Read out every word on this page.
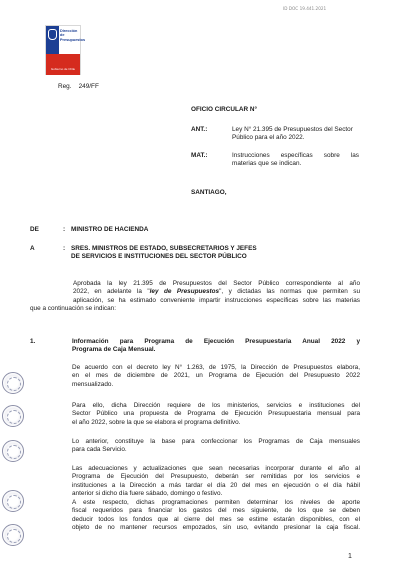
ID DOC 19.441.2021
Dirección de Presupuestos
Gobierno de Chile
Reg. 249/FF
OFICIO CIRCULAR N°
ANT.:	Ley N° 21.395 de Presupuestos del Sector
Público para el año 2022.
MAT.:	Instrucciones específicas sobre las
materias que se indican.
SANTIAGO,
DE	: MINISTRO DE HACIENDA
A	: SRES. MINISTROS DE ESTADO, SUBSECRETARIOS Y JEFES
DE SERVICIOS E INSTITUCIONES DEL SECTOR PÚBLICO
Aprobada la ley 21.395 de Presupuestos del Sector Público correspondiente al año
2022, en adelante la "ley de Presupuestos", y dictadas las normas que permiten su
aplicación, se ha estimado conveniente impartir instrucciones específicas sobre las materias
que a continuación se indican:
1.	Información para Programa de Ejecución Presupuestaria Anual 2022 y
Programa de Caja Mensual.
De acuerdo con el decreto ley N° 1.263, de 1975, la Dirección de Presupuestos elabora,
en el mes de diciembre de 2021, un Programa de Ejecución del Presupuesto 2022
mensualizado.
Para ello, dicha Dirección requiere de los ministerios, servicios e instituciones del
Sector Público una propuesta de Programa de Ejecución Presupuestaria mensual para
el año 2022, sobre la que se elabora el programa definitivo.
Lo anterior, constituye la base para confeccionar los Programas de Caja mensuales
para cada Servicio.
Las adecuaciones y actualizaciones que sean necesarias incorporar durante el año al
Programa de Ejecución del Presupuesto, deberán ser remitidas por los servicios e
instituciones a la Dirección a más tardar el día 20 del mes en ejecución o el día hábil
anterior si dicho día fuere sábado, domingo o festivo.
A este respecto, dichas programaciones permiten determinar los niveles de aporte
fiscal requeridos para financiar los gastos del mes siguiente, de los que se deben
deducir todos los fondos que al cierre del mes se estime estarán disponibles, con el
objeto de no mantener recursos empozados, sin uso, evitando presionar la caja fiscal.
1
